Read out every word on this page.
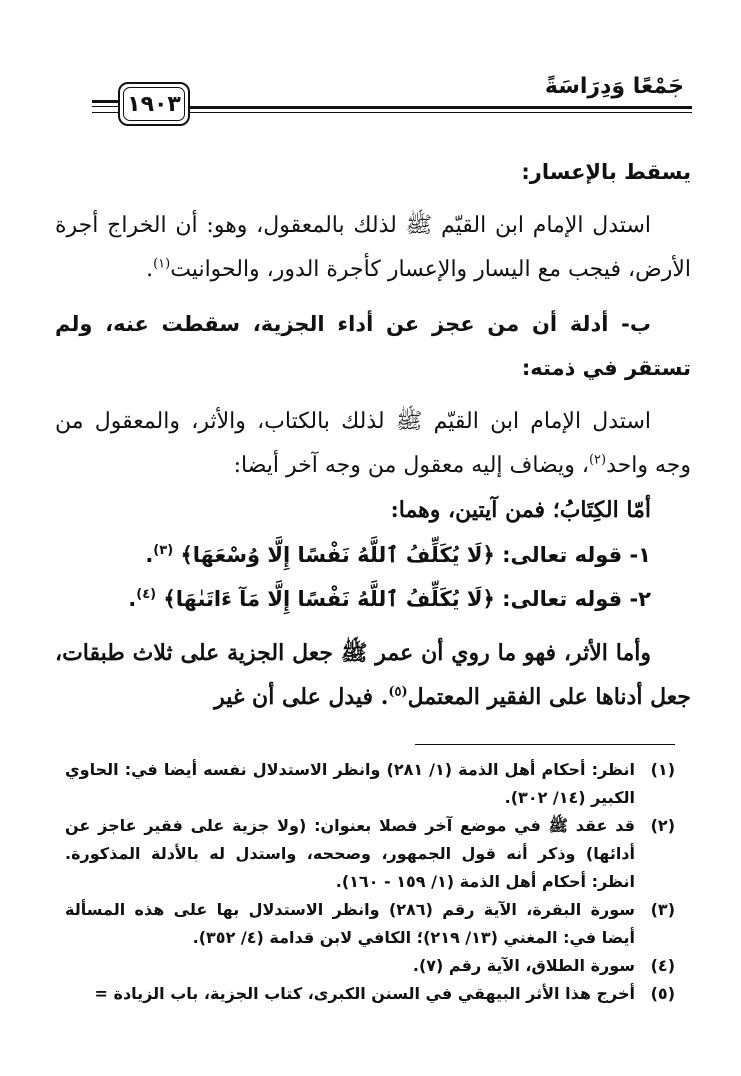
جَمْعًا وَدِرَاسَةً
١٩٠٣

يسقط بالإعسار:

استدل الإمام ابن القيّم ﷺ لذلك بالمعقول، وهو: أن الخراج أجرة الأرض، فيجب مع اليسار والإعسار كأجرة الدور، والحوانيت$^{(١)}$.

ب- أدلة أن من عجز عن أداء الجزية، سقطت عنه، ولم تستقر في ذمته:

استدل الإمام ابن القيّم ﷺ لذلك بالكتاب، والأثر، والمعقول من وجه واحد$^{(٢)}$، ويضاف إليه معقول من وجه آخر أيضا:

أمّا الكِتَابُ؛ فمن آيتين، وهما:

١- قوله تعالى: ﴿لَا يُكَلِّفُ ٱللَّهُ نَفْسًا إِلَّا وُسْعَهَا﴾ $^{(٣)}$.

٢- قوله تعالى: ﴿لَا يُكَلِّفُ ٱللَّهُ نَفْسًا إِلَّا مَآ ءَاتَىٰهَا﴾ $^{(٤)}$.

وأما الأثر، فهو ما روي أن عمر ﷺ جعل الجزية على ثلاث طبقات، جعل أدناها على الفقير المعتمل$^{(٥)}$. فيدل على أن غير

(١)
انظر: أحكام أهل الذمة (١/ ٢٨١) وانظر الاستدلال نفسه أيضا في: الحاوي الكبير (١٤/ ٣٠٢).
(٢)
قد عقد ﷺ في موضع آخر فصلا بعنوان: (ولا جزية على فقير عاجز عن أدائها) وذكر أنه قول الجمهور، وصححه، واستدل له بالأدلة المذكورة. انظر: أحكام أهل الذمة (١/ ١٥٩ - ١٦٠).
(٣)
سورة البقرة، الآية رقم (٢٨٦) وانظر الاستدلال بها على هذه المسألة أيضا في: المغني (١٣/ ٢١٩)؛ الكافي لابن قدامة (٤/ ٣٥٢).
(٤)
سورة الطلاق، الآية رقم (٧).
(٥)
أخرج هذا الأثر البيهقي في السنن الكبرى، كتاب الجزية، باب الزيادة =
